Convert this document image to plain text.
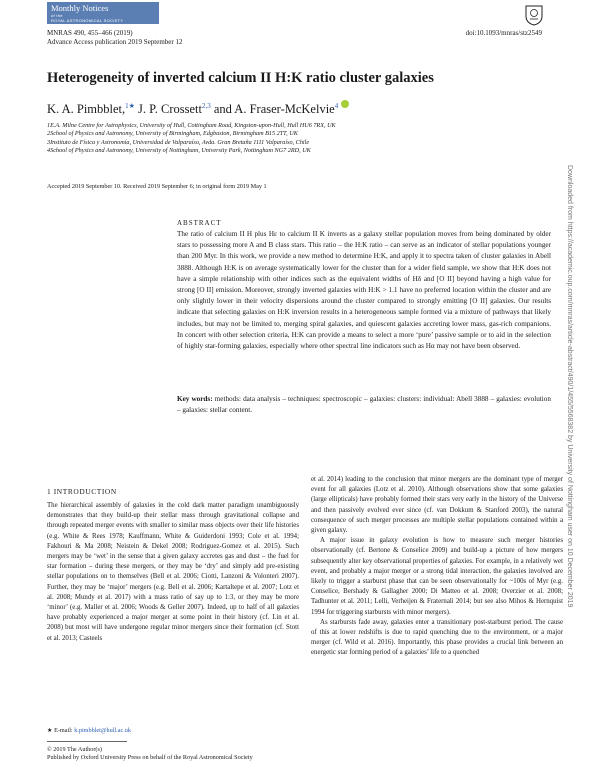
Monthly Notices
of the
ROYAL ASTRONOMICAL SOCIETY
MNRAS 490, 455–466 (2019)
Advance Access publication 2019 September 12
doi:10.1093/mnras/stz2549
Heterogeneity of inverted calcium II H:K ratio cluster galaxies
K. A. Pimbblet,$^{1★}$ J. P. Crossett$^{2,3}$ and A. Fraser-McKelvie$^4$
1E.A. Milne Centre for Astrophysics, University of Hull, Cottingham Road, Kingston-upon-Hull, Hull HU6 7RX, UK
2School of Physics and Astronomy, University of Birmingham, Edgbaston, Birmingham B15 2TT, UK
3Instituto de Física y Astronomía, Universidad de Valparaíso, Avda. Gran Bretaña 1111 Valparaíso, Chile
4School of Physics and Astronomy, University of Nottingham, University Park, Nottingham NG7 2RD, UK
Accepted 2019 September 10. Received 2019 September 6; in original form 2019 May 1
ABSTRACT
The ratio of calcium II H plus Hε to calcium II K inverts as a galaxy stellar population moves from being dominated by older stars to possessing more A and B class stars. This ratio – the H:K ratio – can serve as an indicator of stellar populations younger than 200 Myr. In this work, we provide a new method to determine H:K, and apply it to spectra taken of cluster galaxies in Abell 3888. Although H:K is on average systematically lower for the cluster than for a wider field sample, we show that H:K does not have a simple relationship with other indices such as the equivalent widths of Hδ and [O II] beyond having a high value for strong [O II] emission. Moreover, strongly inverted galaxies with H:K > 1.1 have no preferred location within the cluster and are only slightly lower in their velocity dispersions around the cluster compared to strongly emitting [O II] galaxies. Our results indicate that selecting galaxies on H:K inversion results in a heterogeneous sample formed via a mixture of pathways that likely includes, but may not be limited to, merging spiral galaxies, and quiescent galaxies accreting lower mass, gas-rich companions. In concert with other selection criteria, H:K can provide a means to select a more ‘pure’ passive sample or to aid in the selection of highly star-forming galaxies, especially where other spectral line indicators such as Hα may not have been observed.
Key words: methods: data analysis – techniques: spectroscopic – galaxies: clusters: individual: Abell 3888 – galaxies: evolution – galaxies: stellar content.
1 INTRODUCTION

The hierarchical assembly of galaxies in the cold dark matter paradigm unambiguously demonstrates that they build-up their stellar mass through gravitational collapse and through repeated merger events with smaller to similar mass objects over their life histories (e.g. White & Rees 1978; Kauffmann, White & Guiderdoni 1993; Cole et al. 1994; Fakhouri & Ma 2008; Neistein & Dekel 2008; Rodriguez-Gomez et al. 2015). Such mergers may be ‘wet’ in the sense that a given galaxy accretes gas and dust – the fuel for star formation – during these mergers, or they may be ‘dry’ and simply add pre-existing stellar populations on to themselves (Bell et al. 2006; Ciotti, Lanzoni & Volonteri 2007). Further, they may be ‘major’ mergers (e.g. Bell et al. 2006; Kartaltepe et al. 2007; Lotz et al. 2008; Mundy et al. 2017) with a mass ratio of say up to 1:3, or they may be more ‘minor’ (e.g. Maller et al. 2006; Woods & Geller 2007). Indeed, up to half of all galaxies have probably experienced a major merger at some point in their history (cf. Lin et al. 2008) but most will have undergone regular minor mergers since their formation (cf. Stott et al. 2013; Casteels

et al. 2014) leading to the conclusion that minor mergers are the dominant type of merger event for all galaxies (Lotz et al. 2010). Although observations show that some galaxies (large ellipticals) have probably formed their stars very early in the history of the Universe and then passively evolved ever since (cf. van Dokkum & Stanford 2003), the natural consequence of such merger processes are multiple stellar populations contained within a given galaxy.

A major issue in galaxy evolution is how to measure such merger histories observationally (cf. Bertone & Conselice 2009) and build-up a picture of how mergers subsequently alter key observational properties of galaxies. For example, in a relatively wet event, and probably a major merger or a strong tidal interaction, the galaxies involved are likely to trigger a starburst phase that can be seen observationally for ~100s of Myr (e.g. Conselice, Bershady & Gallagher 2000; Di Matteo et al. 2008; Overzier et al. 2008; Tadhunter et al. 2011; Lelli, Verheijen & Fraternali 2014; but see also Mihos & Hernquist 1994 for triggering starbursts with minor mergers).

As starbursts fade away, galaxies enter a transitionary post-starburst period. The cause of this at lower redshifts is due to rapid quenching due to the environment, or a major merger (cf. Wild et al. 2016). Importantly, this phase provides a crucial link between an energetic star forming period of a galaxies’ life to a quenched

★ E-mail: k.pimbblet@hull.ac.uk
© 2019 The Author(s)
Published by Oxford University Press on behalf of the Royal Astronomical Society
Downloaded from https://academic.oup.com/mnras/article-abstract/490/1/455/5568382 by University of Nottingham user on 10 December 2019
